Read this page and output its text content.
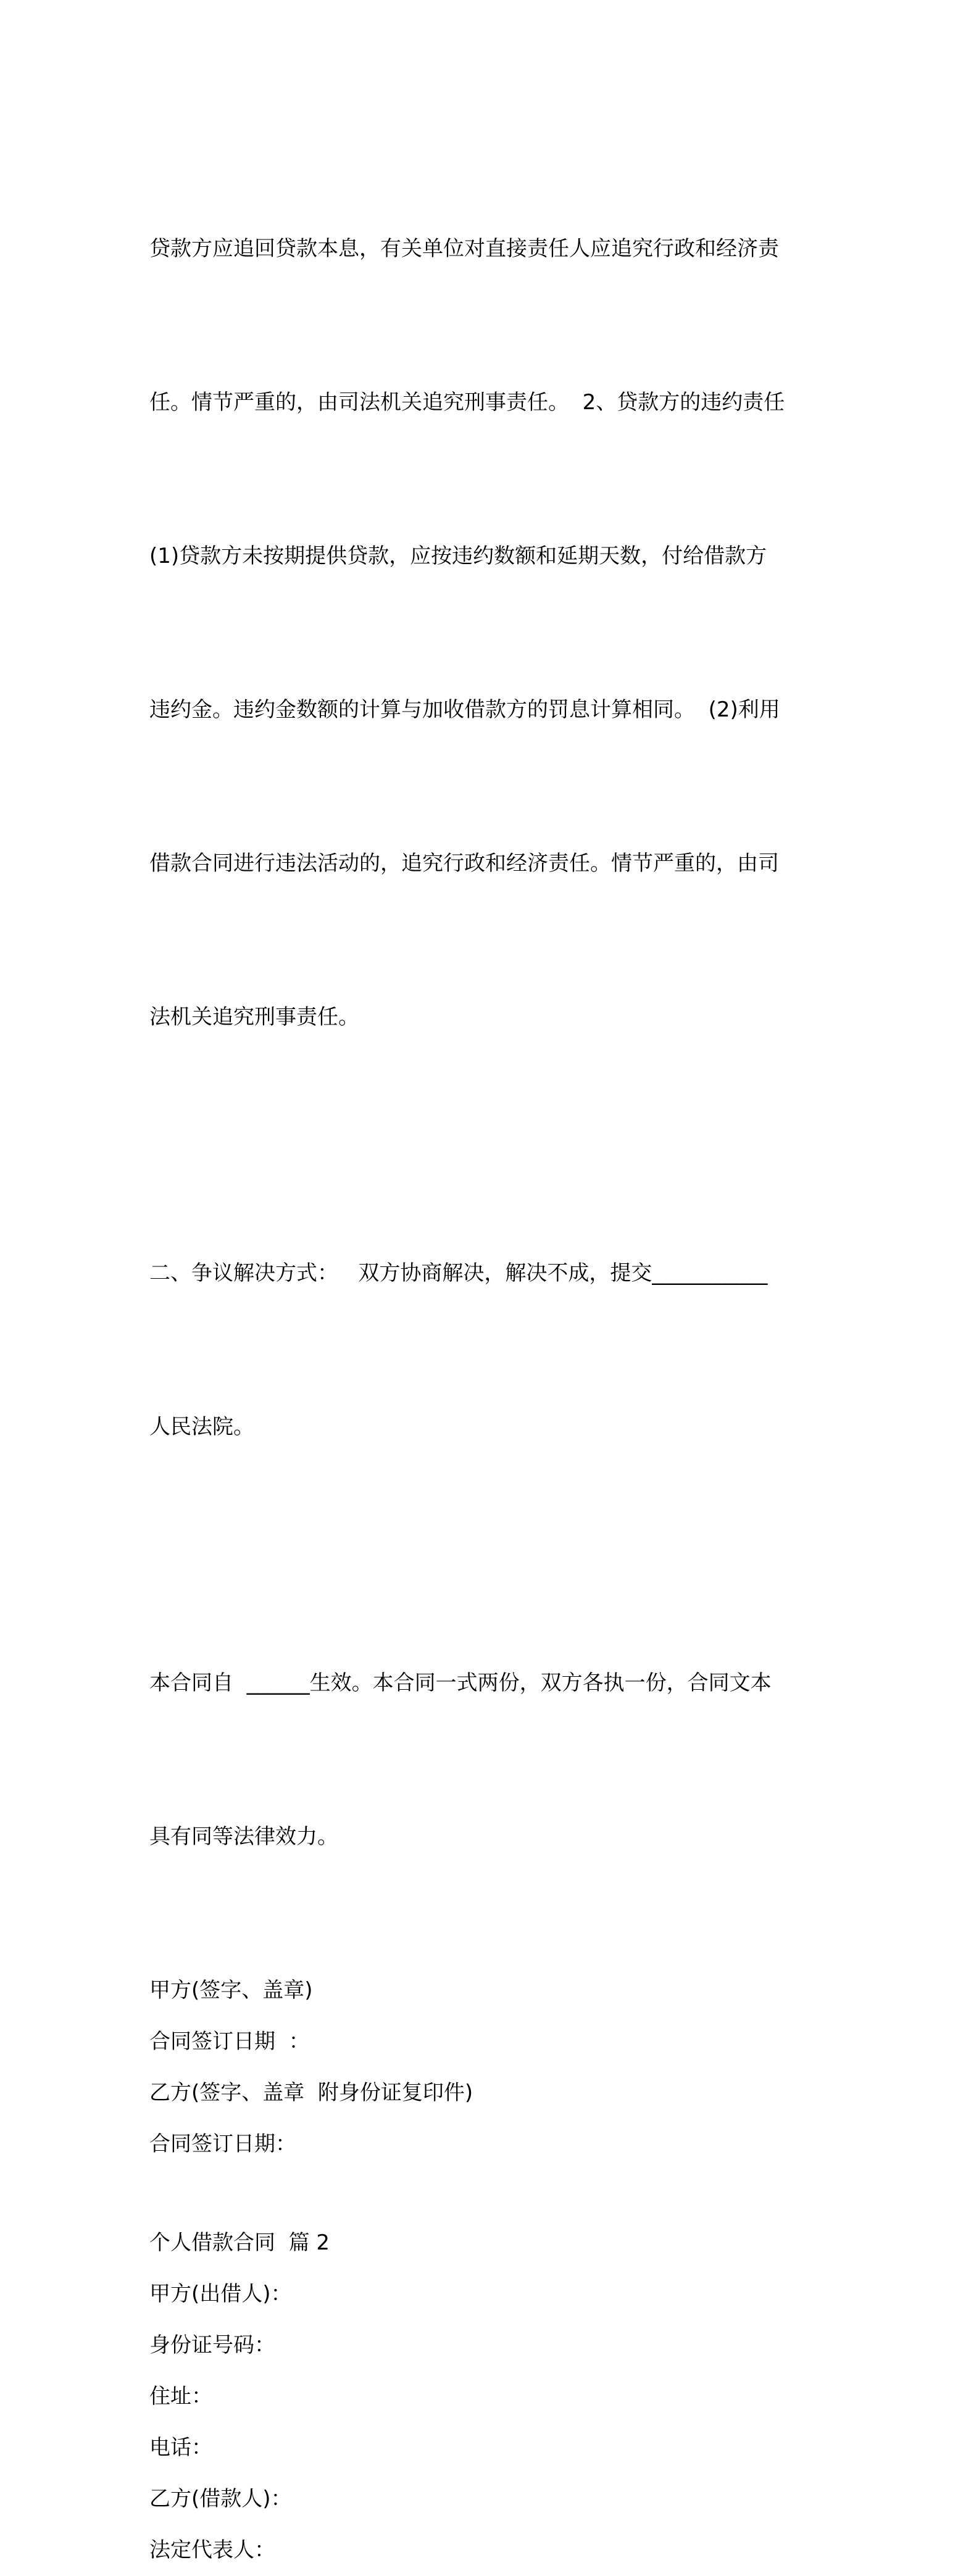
贷款方应追回贷款本息，有关单位对直接责任人应追究行政和经济责

任。情节严重的，由司法机关追究刑事责任。  2、贷款方的违约责任

(1)贷款方未按期提供贷款，应按违约数额和延期天数，付给借款方

违约金。违约金数额的计算与加收借款方的罚息计算相同。  (2)利用

借款合同进行违法活动的，追究行政和经济责任。情节严重的，由司

法机关追究刑事责任。

二、争议解决方式：   双方协商解决，解决不成，提交___________

人民法院。

本合同自  ______生效。本合同一式两份，双方各执一份，合同文本

具有同等法律效力。

甲方(签字、盖章)

合同签订日期  ：

乙方(签字、盖章  附身份证复印件)

合同签订日期：

个人借款合同  篇 2

甲方(出借人)：

身份证号码：

住址：

电话：

乙方(借款人)：

法定代表人：
